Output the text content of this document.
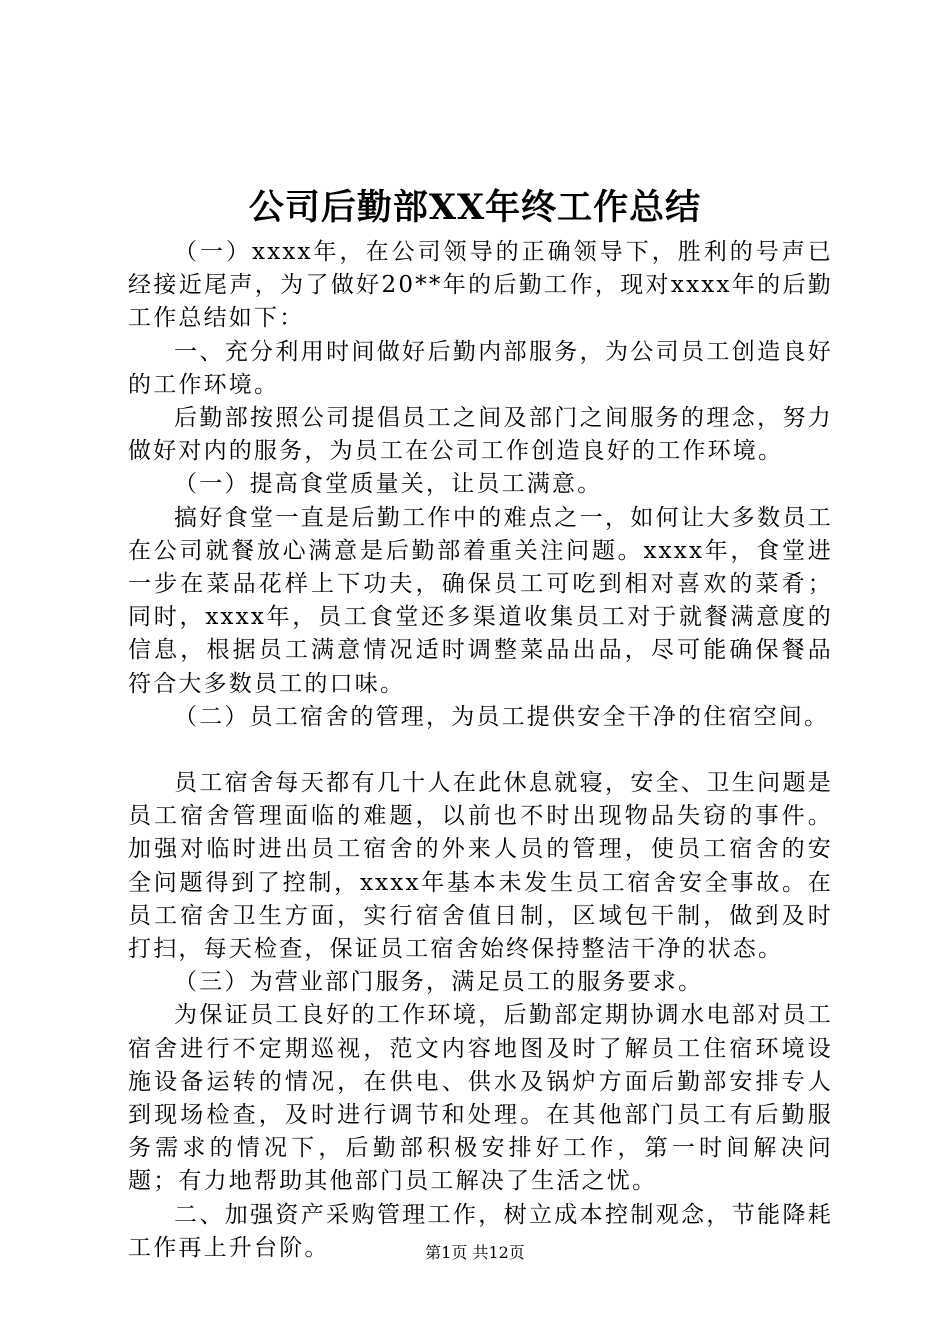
公司后勤部XX年终工作总结

（一）xxxx年，在公司领导的正确领导下，胜利的号声已经接近尾声，为了做好20**年的后勤工作，现对xxxx年的后勤工作总结如下：

一、充分利用时间做好后勤内部服务，为公司员工创造良好的工作环境。

后勤部按照公司提倡员工之间及部门之间服务的理念，努力做好对内的服务，为员工在公司工作创造良好的工作环境。

（一）提高食堂质量关，让员工满意。

搞好食堂一直是后勤工作中的难点之一，如何让大多数员工在公司就餐放心满意是后勤部着重关注问题。xxxx年，食堂进一步在菜品花样上下功夫，确保员工可吃到相对喜欢的菜肴；同时，xxxx年，员工食堂还多渠道收集员工对于就餐满意度的信息，根据员工满意情况适时调整菜品出品，尽可能确保餐品符合大多数员工的口味。

（二）员工宿舍的管理，为员工提供安全干净的住宿空间。

员工宿舍每天都有几十人在此休息就寝，安全、卫生问题是员工宿舍管理面临的难题，以前也不时出现物品失窃的事件。加强对临时进出员工宿舍的外来人员的管理，使员工宿舍的安全问题得到了控制，xxxx年基本未发生员工宿舍安全事故。在员工宿舍卫生方面，实行宿舍值日制，区域包干制，做到及时打扫，每天检查，保证员工宿舍始终保持整洁干净的状态。

（三）为营业部门服务，满足员工的服务要求。

为保证员工良好的工作环境，后勤部定期协调水电部对员工宿舍进行不定期巡视，范文内容地图及时了解员工住宿环境设施设备运转的情况，在供电、供水及锅炉方面后勤部安排专人到现场检查，及时进行调节和处理。在其他部门员工有后勤服务需求的情况下，后勤部积极安排好工作，第一时间解决问题；有力地帮助其他部门员工解决了生活之忧。

二、加强资产采购管理工作，树立成本控制观念，节能降耗工作再上升台阶。	第1页 共12页
